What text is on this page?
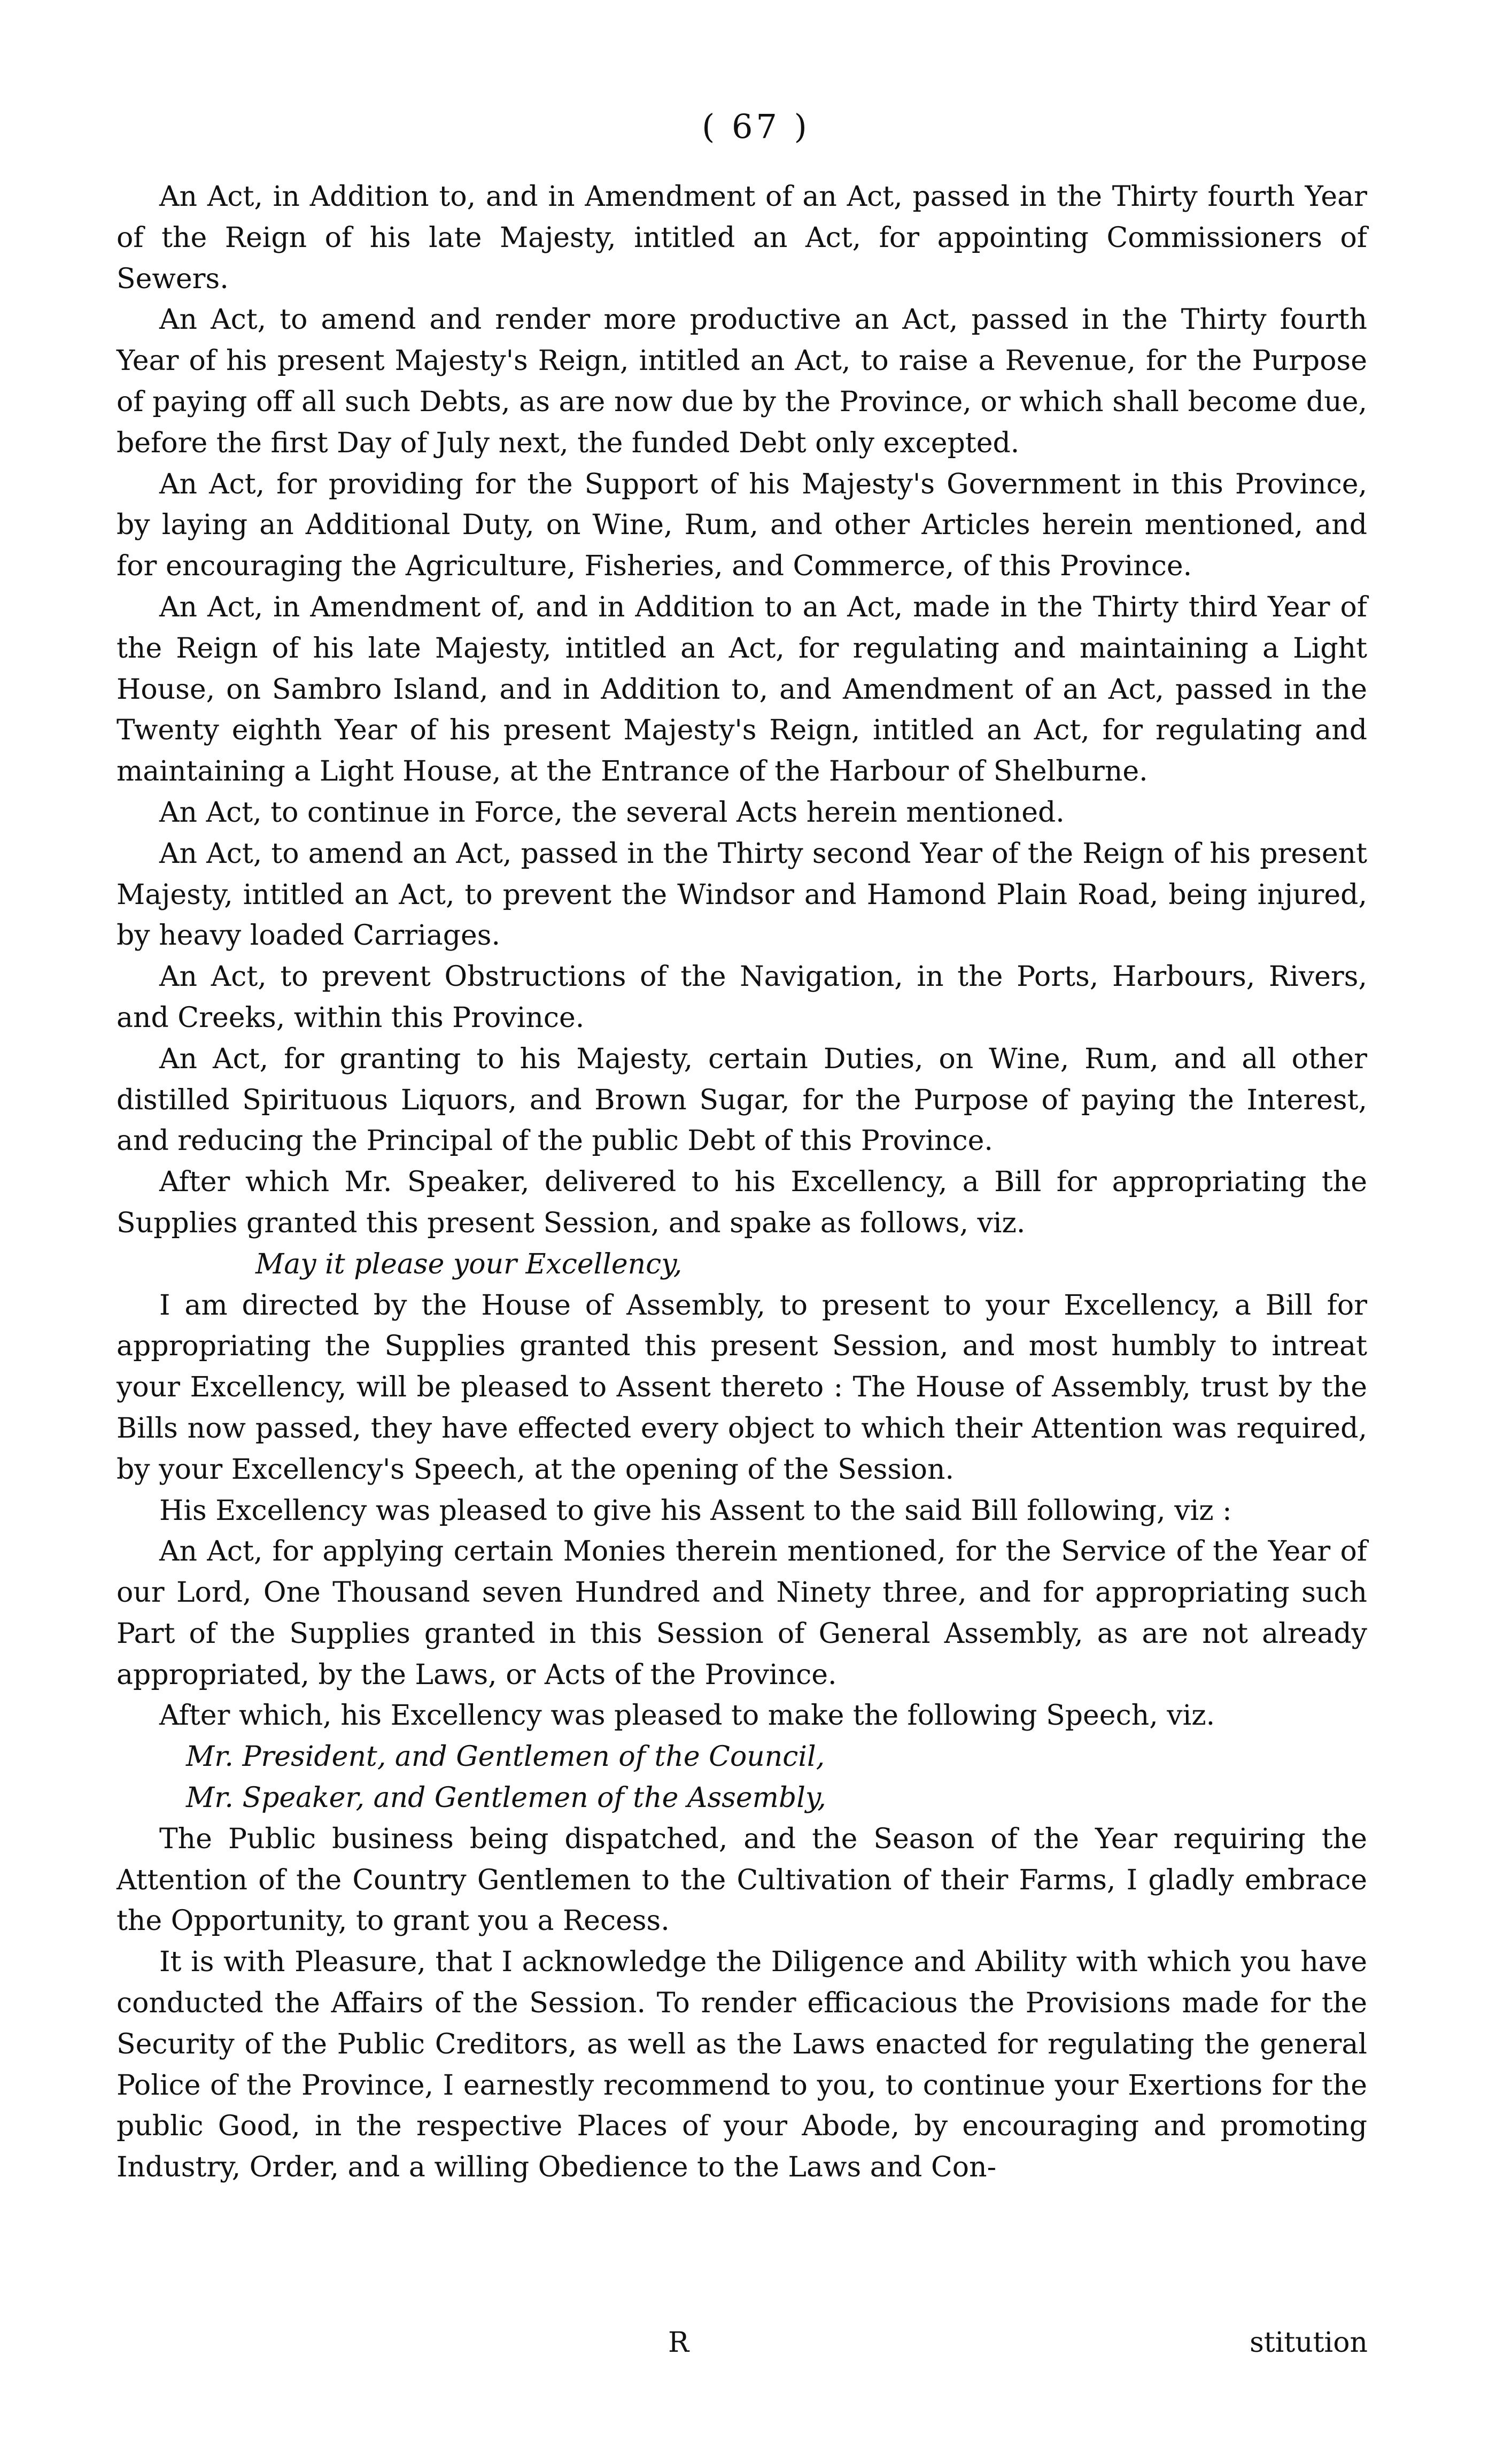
( 67 )

An Act, in Addition to, and in Amendment of an Act, passed in the Thirty fourth Year of the Reign of his late Majesty, intitled an Act, for appointing Commissioners of Sewers.

An Act, to amend and render more productive an Act, passed in the Thirty fourth Year of his present Majesty's Reign, intitled an Act, to raise a Revenue, for the Purpose of paying off all such Debts, as are now due by the Province, or which shall become due, before the first Day of July next, the funded Debt only excepted.

An Act, for providing for the Support of his Majesty's Government in this Province, by laying an Additional Duty, on Wine, Rum, and other Articles herein mentioned, and for encouraging the Agriculture, Fisheries, and Commerce, of this Province.

An Act, in Amendment of, and in Addition to an Act, made in the Thirty third Year of the Reign of his late Majesty, intitled an Act, for regulating and maintaining a Light House, on Sambro Island, and in Addition to, and Amendment of an Act, passed in the Twenty eighth Year of his present Majesty's Reign, intitled an Act, for regulating and maintaining a Light House, at the Entrance of the Harbour of Shelburne.

An Act, to continue in Force, the several Acts herein mentioned.

An Act, to amend an Act, passed in the Thirty second Year of the Reign of his present Majesty, intitled an Act, to prevent the Windsor and Hamond Plain Road, being injured, by heavy loaded Carriages.

An Act, to prevent Obstructions of the Navigation, in the Ports, Harbours, Rivers, and Creeks, within this Province.

An Act, for granting to his Majesty, certain Duties, on Wine, Rum, and all other distilled Spirituous Liquors, and Brown Sugar, for the Purpose of paying the Interest, and reducing the Principal of the public Debt of this Province.

After which Mr. Speaker, delivered to his Excellency, a Bill for appropriating the Supplies granted this present Session, and spake as follows, viz.

May it please your Excellency,

I am directed by the House of Assembly, to present to your Excellency, a Bill for appropriating the Supplies granted this present Session, and most humbly to intreat your Excellency, will be pleased to Assent thereto : The House of Assembly, trust by the Bills now passed, they have effected every object to which their Attention was required, by your Excellency's Speech, at the opening of the Session.

His Excellency was pleased to give his Assent to the said Bill following, viz :

An Act, for applying certain Monies therein mentioned, for the Service of the Year of our Lord, One Thousand seven Hundred and Ninety three, and for appropriating such Part of the Supplies granted in this Session of General Assembly, as are not already appropriated, by the Laws, or Acts of the Province.

After which, his Excellency was pleased to make the following Speech, viz.

Mr. President, and Gentlemen of the Council,

Mr. Speaker, and Gentlemen of the Assembly,

The Public business being dispatched, and the Season of the Year requiring the Attention of the Country Gentlemen to the Cultivation of their Farms, I gladly embrace the Opportunity, to grant you a Recess.

It is with Pleasure, that I acknowledge the Diligence and Ability with which you have conducted the Affairs of the Session. To render efficacious the Provisions made for the Security of the Public Creditors, as well as the Laws enacted for regulating the general Police of the Province, I earnestly recommend to you, to continue your Exertions for the public Good, in the respective Places of your Abode, by encouraging and promoting Industry, Order, and a willing Obedience to the Laws and Con-

R	stitution
